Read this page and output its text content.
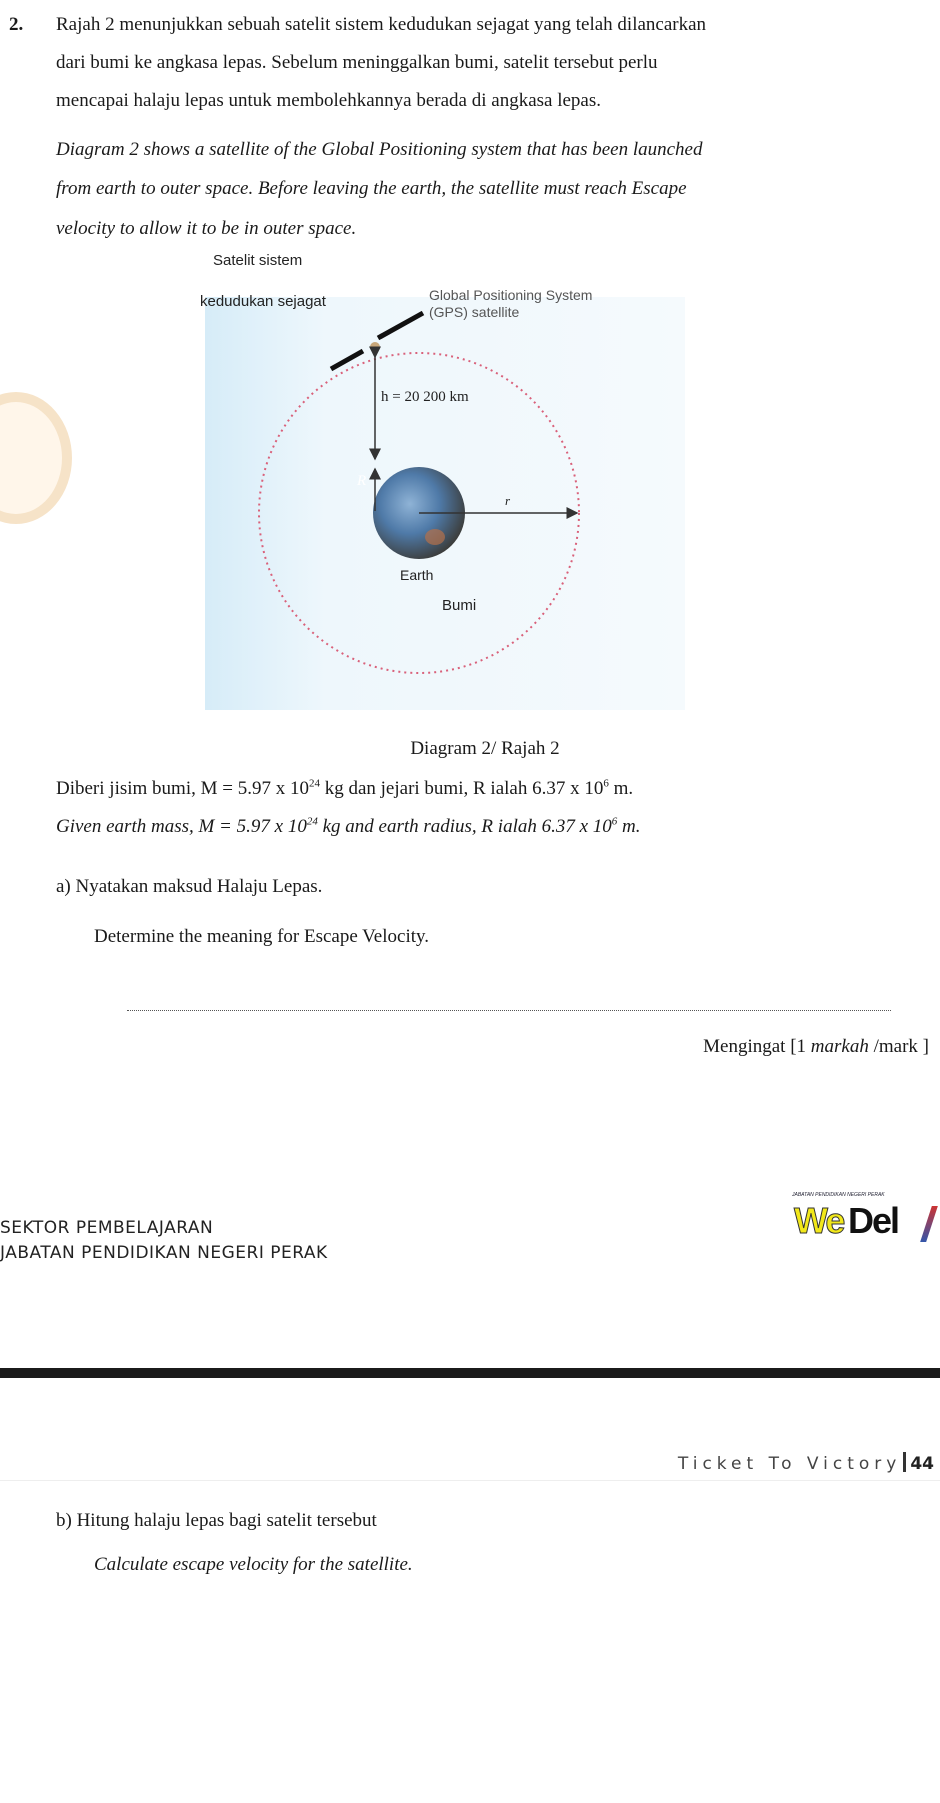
2. Rajah 2 menunjukkan sebuah satelit sistem kedudukan sejagat yang telah dilancarkan
dari bumi ke angkasa lepas. Sebelum meninggalkan bumi, satelit tersebut perlu
mencapai halaju lepas untuk membolehkannya berada di angkasa lepas.
Diagram 2 shows a satellite of the Global Positioning system that has been launched
from earth to outer space. Before leaving the earth, the satellite must reach Escape
velocity to allow it to be in outer space.
Satelit sistem
kedudukan sejagat	Global Positioning System
(GPS) satellite
h = 20 200 km
R
r
Earth
Bumi
Diagram 2/ Rajah 2
Diberi jisim bumi, M = 5.97 x $10^{24}$ kg dan jejari bumi, R ialah 6.37 x $10^6$ m.
Given earth mass, M = 5.97 x $10^{24}$ kg and earth radius, R ialah 6.37 x $10^6$ m.
a) Nyatakan maksud Halaju Lepas.
Determine the meaning for Escape Velocity.
Mengingat [1 markah /mark ]
SEKTOR PEMBELAJARAN
JABATAN PENDIDIKAN NEGERI PERAK
JABATAN PENDIDIKAN NEGERI PERAK
We Del
Ticket To Victory 44
b) Hitung halaju lepas bagi satelit tersebut
Calculate escape velocity for the satellite.
